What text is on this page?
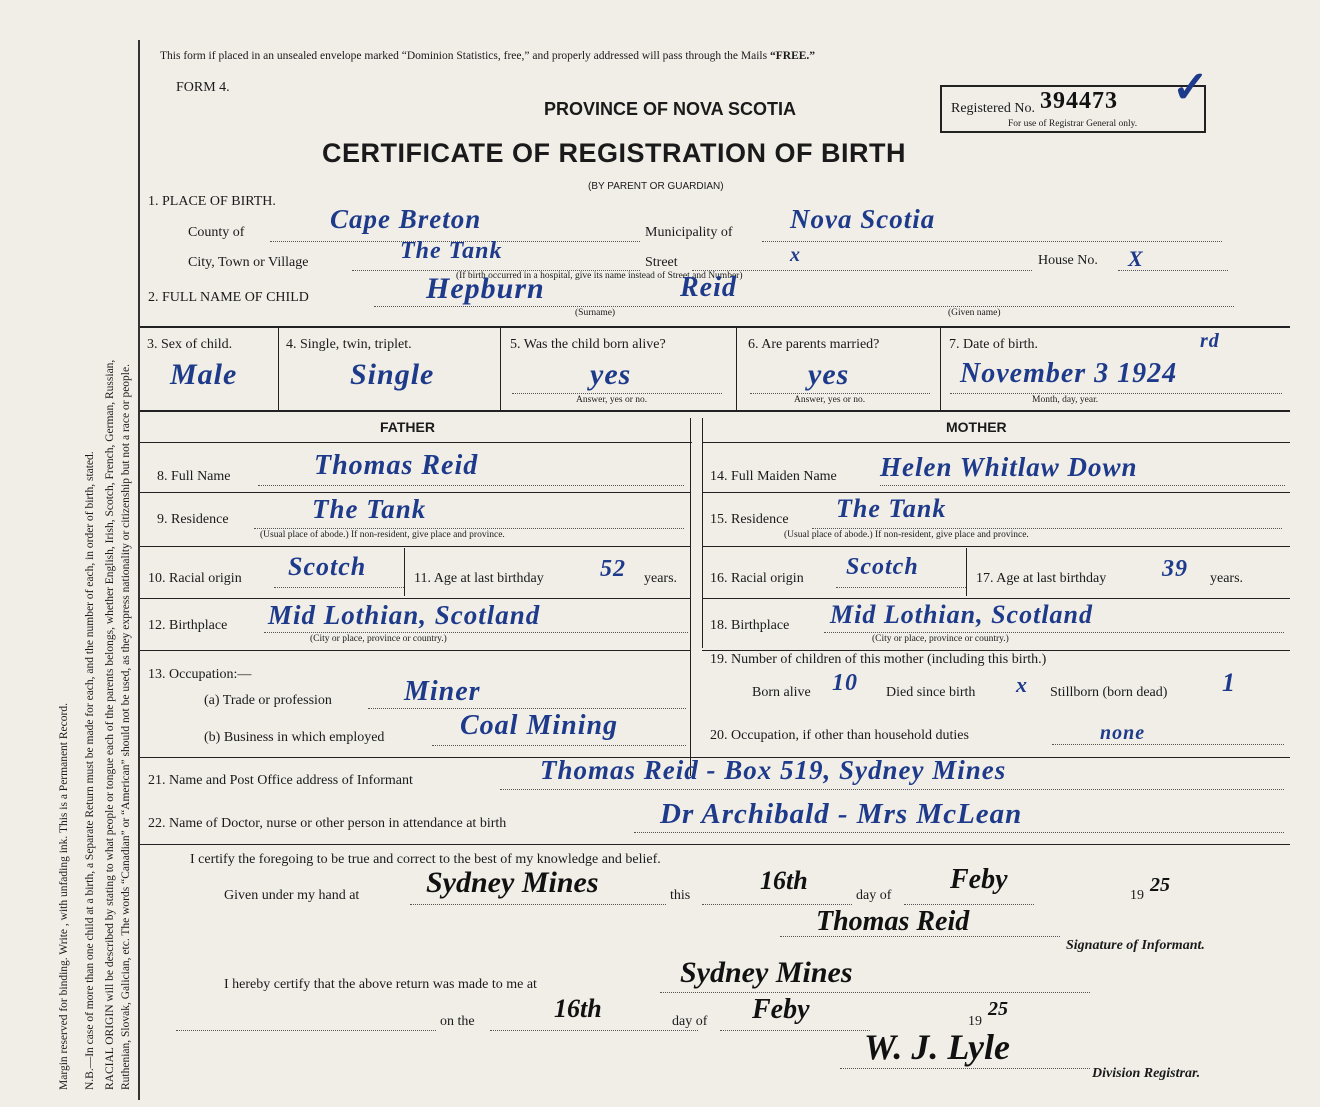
Margin reserved for binding. Write , with unfading ink. This is a Permanent Record. N.B.—In case of more than one child at a birth, a Separate Return must be made for each, and the number of each, in order of birth, stated. RACIAL ORIGIN will be described by stating to what people or tongue each of the parents belongs, whether English, Irish, Scotch, French, German, Russian, Ruthenian, Slovak, Galician, etc. The words “Canadian” or “American” should not be used, as they express nationality or citizenship but not a race or people.
This form if placed in an unsealed envelope marked “Dominion Statistics, free,” and properly addressed will pass through the Mails “FREE.”
FORM 4.
PROVINCE OF NOVA SCOTIA
CERTIFICATE OF REGISTRATION OF BIRTH
(BY PARENT OR GUARDIAN)
Registered No. 394473
For use of Registrar General only.
✓
1. PLACE OF BIRTH.
County of	Cape Breton	Municipality of Nova Scotia
City, Town or Village	The Tank	Street	x	House No. X
(If birth occurred in a hospital, give its name instead of Street and Number)
2. FULL NAME OF CHILD	Hepburn	Reid
(Surname)	(Given name)
3. Sex of child.
Male
4. Single, twin, triplet.
Single
5. Was the child born alive?
yes
Answer, yes or no.
6. Are parents married?
yes
Answer, yes or no.
7. Date of birth.
November 3 1924
rd
Month, day, year.
FATHER	MOTHER
8. Full Name	Thomas Reid
9. Residence	The Tank
(Usual place of abode.) If non-resident, give place and province.
10. Racial origin Scotch	11. Age at last birthday 52 years.
12. Birthplace Mid Lothian, Scotland
(City or place, province or country.)
13. Occupation:—
(a) Trade or profession	Miner
(b) Business in which employed	Coal Mining
14. Full Maiden Name Helen Whitlaw Down
15. Residence The Tank
(Usual place of abode.) If non-resident, give place and province.
16. Racial origin Scotch	17. Age at last birthday 39 years.
18. Birthplace Mid Lothian, Scotland
(City or place, province or country.)
19. Number of children of this mother (including this birth.)
Born alive 10 Died since birth x Stillborn (born dead) 1
20. Occupation, if other than household duties	none
21. Name and Post Office address of Informant	Thomas Reid - Box 519, Sydney Mines
22. Name of Doctor, nurse or other person in attendance at birth	Dr Archibald - Mrs McLean
I certify the foregoing to be true and correct to the best of my knowledge and belief.
Given under my hand at Sydney Mines	this
16th
day of
Feby
19 25
Thomas Reid
Signature of Informant.
I hereby certify that the above return was made to me at	Sydney Mines
on the	16th	day of Feby	19
25
W. J. Lyle
Division Registrar.
